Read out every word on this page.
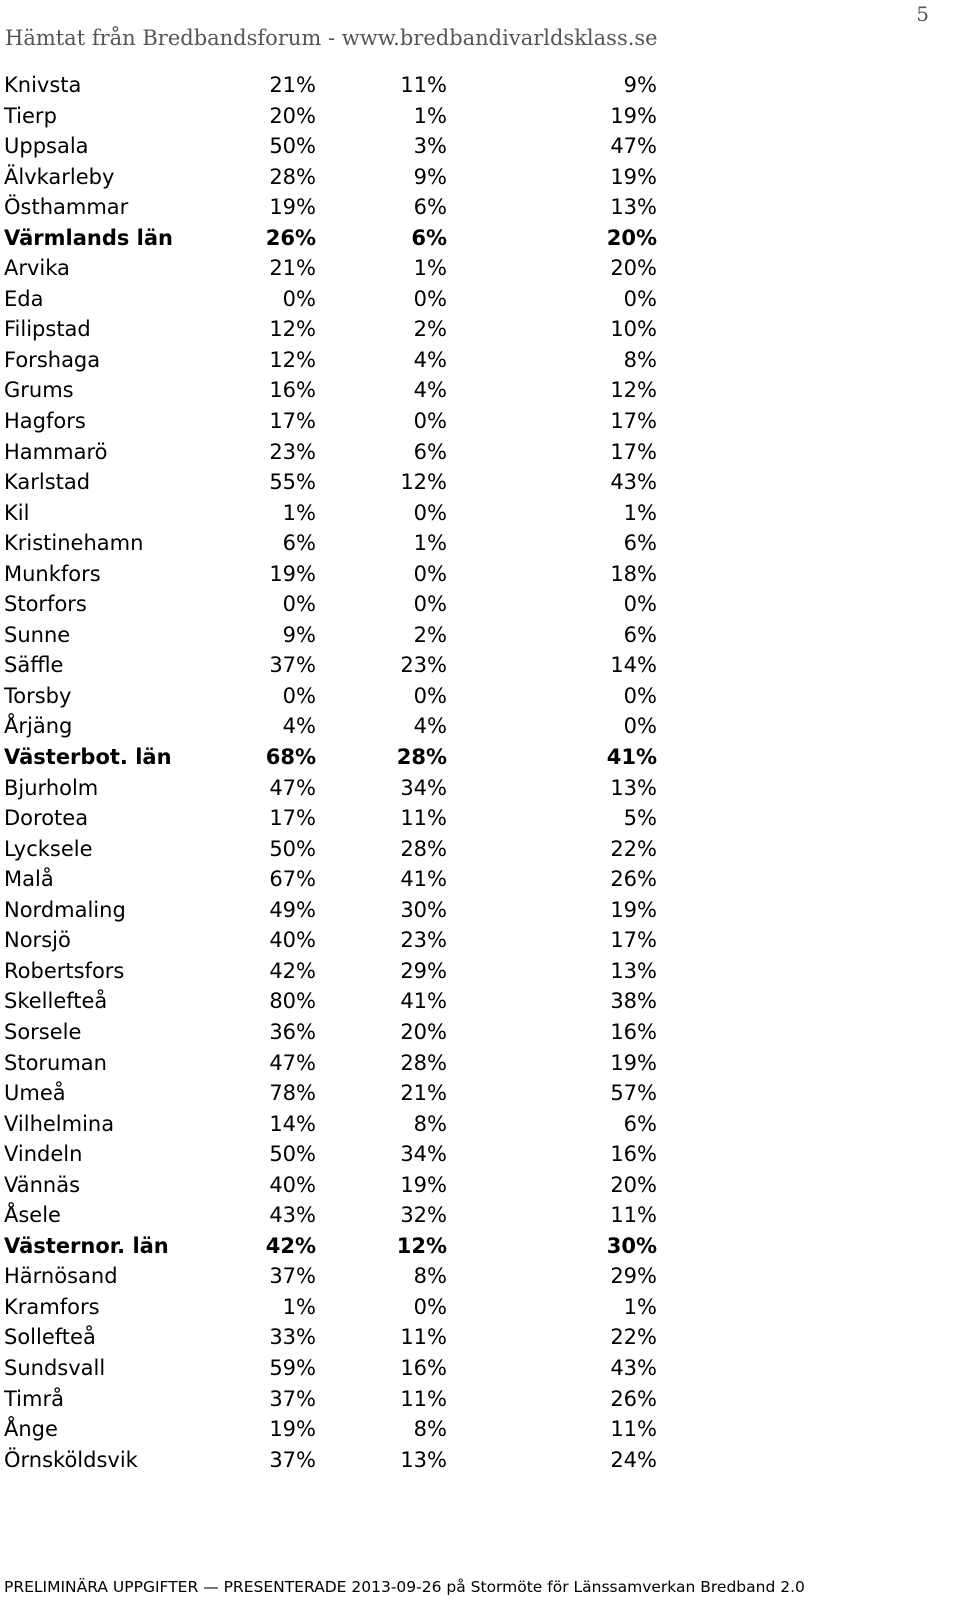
5
Hämtat från Bredbandsforum - www.bredbandivarldsklass.se
Knivsta	21%	11%	9%
Tierp	20%	1%	19%
Uppsala	50%	3%	47%
Älvkarleby	28%	9%	19%
Östhammar	19%	6%	13%
Värmlands län	26%	6%	20%
Arvika	21%	1%	20%
Eda	0%	0%	0%
Filipstad	12%	2%	10%
Forshaga	12%	4%	8%
Grums	16%	4%	12%
Hagfors	17%	0%	17%
Hammarö	23%	6%	17%
Karlstad	55%	12%	43%
Kil	1%	0%	1%
Kristinehamn	6%	1%	6%
Munkfors	19%	0%	18%
Storfors	0%	0%	0%
Sunne	9%	2%	6%
Säffle	37%	23%	14%
Torsby	0%	0%	0%
Årjäng	4%	4%	0%
Västerbot. län	68%	28%	41%
Bjurholm	47%	34%	13%
Dorotea	17%	11%	5%
Lycksele	50%	28%	22%
Malå	67%	41%	26%
Nordmaling	49%	30%	19%
Norsjö	40%	23%	17%
Robertsfors	42%	29%	13%
Skellefteå	80%	41%	38%
Sorsele	36%	20%	16%
Storuman	47%	28%	19%
Umeå	78%	21%	57%
Vilhelmina	14%	8%	6%
Vindeln	50%	34%	16%
Vännäs	40%	19%	20%
Åsele	43%	32%	11%
Västernor. län	42%	12%	30%
Härnösand	37%	8%	29%
Kramfors	1%	0%	1%
Sollefteå	33%	11%	22%
Sundsvall	59%	16%	43%
Timrå	37%	11%	26%
Ånge	19%	8%	11%
Örnsköldsvik	37%	13%	24%
PRELIMINÄRA UPPGIFTER — PRESENTERADE 2013-09-26 på Stormöte för Länssamverkan Bredband 2.0
